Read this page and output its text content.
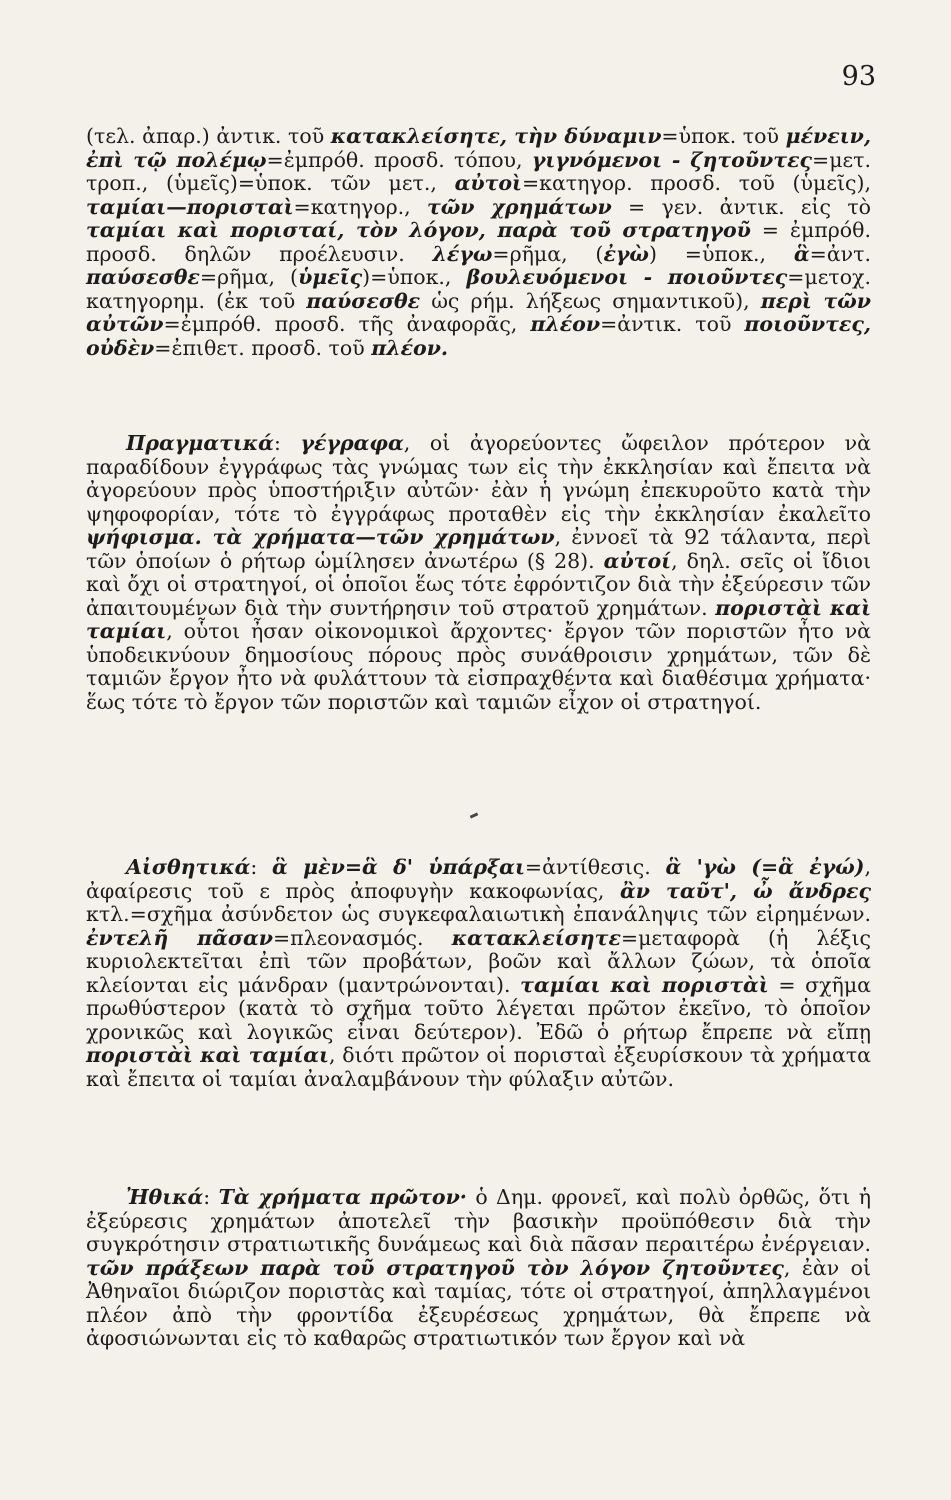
93

(τελ. ἀπαρ.) ἀντικ. τοῦ κατακλείσητε, τὴν δύναμιν=ὑποκ. τοῦ μένειν, ἐπὶ τῷ πολέμῳ=ἐμπρόθ. προσδ. τόπου, γιγνόμενοι - ζητοῦντες=μετ. τροπ., (ὑμεῖς)=ὑποκ. τῶν μετ., αὐτοὶ=κατηγορ. προσδ. τοῦ (ὑμεῖς), ταμίαι—πορισταὶ=κατηγορ., τῶν χρημάτων = γεν. ἀντικ. εἰς τὸ ταμίαι καὶ πορισταί, τὸν λόγον, παρὰ τοῦ στρατηγοῦ = ἐμπρόθ. προσδ. δηλῶν προέλευσιν. λέγω=ρῆμα, (ἐγὼ) =ὑποκ., ἃ=ἀντ. παύσεσθε=ρῆμα, (ὑμεῖς)=ὑποκ., βουλευόμενοι - ποιοῦντες=μετοχ. κατηγορημ. (ἐκ τοῦ παύσεσθε ὡς ρήμ. λήξεως σημαντικοῦ), περὶ τῶν αὐτῶν=ἐμπρόθ. προσδ. τῆς ἀναφορᾶς, πλέον=ἀντικ. τοῦ ποιοῦντες, οὐδὲν=ἐπιθετ. προσδ. τοῦ πλέον.

Πραγματικά: γέγραφα, οἱ ἀγορεύοντες ὤφειλον πρότερον νὰ παραδίδουν ἐγγράφως τὰς γνώμας των εἰς τὴν ἐκκλησίαν καὶ ἔπειτα νὰ ἀγορεύουν πρὸς ὑποστήριξιν αὐτῶν· ἐὰν ἡ γνώμη ἐπεκυροῦτο κατὰ τὴν ψηφοφορίαν, τότε τὸ ἐγγράφως προταθὲν εἰς τὴν ἐκκλησίαν ἐκαλεῖτο ψήφισμα. τὰ χρήματα—τῶν χρημάτων, ἐννοεῖ τὰ 92 τάλαντα, περὶ τῶν ὁποίων ὁ ρήτωρ ὡμίλησεν ἀνωτέρω (§ 28). αὐτοί, δηλ. σεῖς οἱ ἴδιοι καὶ ὄχι οἱ στρατηγοί, οἱ ὁποῖοι ἕως τότε ἐφρόντιζον διὰ τὴν ἐξεύρεσιν τῶν ἀπαιτουμένων διὰ τὴν συντήρησιν τοῦ στρατοῦ χρημάτων. ποριστὰὶ καὶ ταμίαι, οὗτοι ἦσαν οἰκονομικοὶ ἄρχοντες· ἔργον τῶν ποριστῶν ἦτο νὰ ὑποδεικνύουν δημοσίους πόρους πρὸς συνάθροισιν χρημάτων, τῶν δὲ ταμιῶν ἔργον ἦτο νὰ φυλάττουν τὰ εἰσπραχθέντα καὶ διαθέσιμα χρήματα· ἕως τότε τὸ ἔργον τῶν ποριστῶν καὶ ταμιῶν εἶχον οἱ στρατηγοί.

Αἰσθητικά: ἃ μὲν=ἃ δ' ὑπάρξαι=ἀντίθεσις. ἃ 'γὼ (=ἃ ἐγώ), ἀφαίρεσις τοῦ ε πρὸς ἀποφυγὴν κακοφωνίας, ἂν ταῦτ', ὦ ἄνδρες κτλ.=σχῆμα ἀσύνδετον ὡς συγκεφαλαιωτικὴ ἐπανάληψις τῶν εἰρημένων. ἐντελῆ πᾶσαν=πλεονασμός. κατακλείσητε=μεταφορὰ (ἡ λέξις κυριολεκτεῖται ἐπὶ τῶν προβάτων, βοῶν καὶ ἄλλων ζώων, τὰ ὁποῖα κλείονται εἰς μάνδραν (μαντρώνονται). ταμίαι καὶ ποριστὰὶ = σχῆμα πρωθύστερον (κατὰ τὸ σχῆμα τοῦτο λέγεται πρῶτον ἐκεῖνο, τὸ ὁποῖον χρονικῶς καὶ λογικῶς εἶναι δεύτερον). Ἐδῶ ὁ ρήτωρ ἔπρεπε νὰ εἴπῃ ποριστὰὶ καὶ ταμίαι, διότι πρῶτον οἱ πορισταὶ ἐξευρίσκουν τὰ χρήματα καὶ ἔπειτα οἱ ταμίαι ἀναλαμβάνουν τὴν φύλαξιν αὐτῶν.

Ἠθικά: Τὰ χρήματα πρῶτον· ὁ Δημ. φρονεῖ, καὶ πολὺ ὀρθῶς, ὅτι ἡ ἐξεύρεσις χρημάτων ἀποτελεῖ τὴν βασικὴν προϋπόθεσιν διὰ τὴν συγκρότησιν στρατιωτικῆς δυνάμεως καὶ διὰ πᾶσαν περαιτέρω ἐνέργειαν. τῶν πράξεων παρὰ τοῦ στρατηγοῦ τὸν λόγον ζητοῦντες, ἐὰν οἱ Ἀθηναῖοι διώριζον ποριστὰς καὶ ταμίας, τότε οἱ στρατηγοί, ἀπηλλαγμένοι πλέον ἀπὸ τὴν φροντίδα ἐξευρέσεως χρημάτων, θὰ ἔπρεπε νὰ ἀφοσιώνωνται εἰς τὸ καθαρῶς στρατιωτικόν των ἔργον καὶ νὰ
